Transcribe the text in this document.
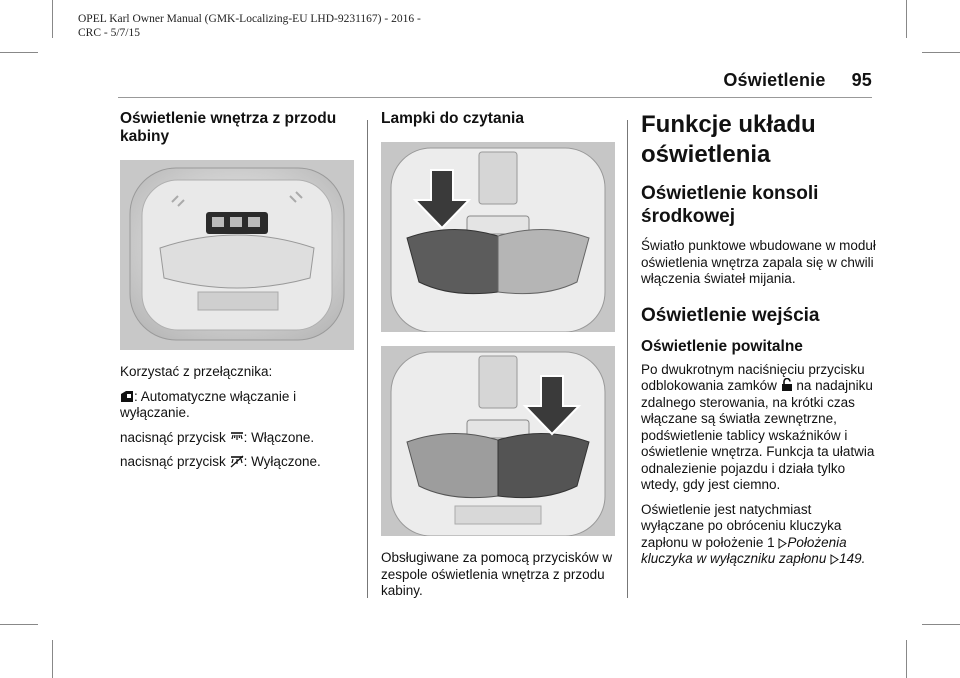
OPEL Karl Owner Manual (GMK-Localizing-EU LHD-9231167) - 2016 -
CRC - 5/7/15
Oświetlenie 95
Oświetlenie wnętrza z przodu kabiny

Korzystać z przełącznika:

: Automatyczne włączanie i wyłączanie.

nacisnąć przycisk : Włączone.

nacisnąć przycisk : Wyłączone.

Lampki do czytania

Obsługiwane za pomocą przycisków w zespole oświetlenia wnętrza z przodu kabiny.

Funkcje układu oświetlenia
Oświetlenie konsoli środkowej

Światło punktowe wbudowane w moduł oświetlenia wnętrza zapala się w chwili włączenia świateł mijania.

Oświetlenie wejścia
Oświetlenie powitalne

Po dwukrotnym naciśnięciu przycisku odblokowania zamków na nadajniku zdalnego sterowania, na krótki czas włączane są światła zewnętrzne, podświetlenie tablicy wskaźników i oświetlenie wnętrza. Funkcja ta ułatwia odnalezienie pojazdu i działa tylko wtedy, gdy jest ciemno.

Oświetlenie jest natychmiast wyłączane po obróceniu kluczyka zapłonu w położenie 1 Położenia kluczyka w wyłączniku zapłonu 149.
